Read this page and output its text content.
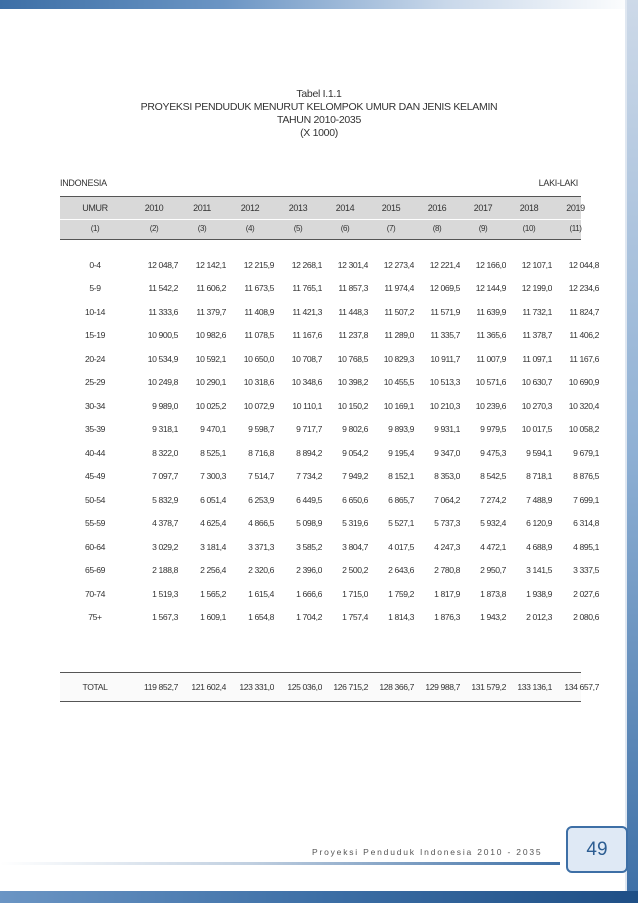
Tabel I.1.1
PROYEKSI PENDUDUK MENURUT KELOMPOK UMUR DAN JENIS KELAMIN
TAHUN 2010-2035
(X 1000)
INDONESIA	LAKI-LAKI
UMUR	2010	2011	2012	2013	2014	2015	2016	2017	2018	2019
(1)	(2)	(3)	(4)	(5)	(6)	(7)	(8)	(9)	(10)	(11)
0-4	12 048,7	12 142,1	12 215,9	12 268,1	12 301,4	12 273,4	12 221,4	12 166,0	12 107,1	12 044,8
5-9	11 542,2	11 606,2	11 673,5	11 765,1	11 857,3	11 974,4	12 069,5	12 144,9	12 199,0	12 234,6
10-14	11 333,6	11 379,7	11 408,9	11 421,3	11 448,3	11 507,2	11 571,9	11 639,9	11 732,1	11 824,7
15-19	10 900,5	10 982,6	11 078,5	11 167,6	11 237,8	11 289,0	11 335,7	11 365,6	11 378,7	11 406,2
20-24	10 534,9	10 592,1	10 650,0	10 708,7	10 768,5	10 829,3	10 911,7	11 007,9	11 097,1	11 167,6
25-29	10 249,8	10 290,1	10 318,6	10 348,6	10 398,2	10 455,5	10 513,3	10 571,6	10 630,7	10 690,9
30-34	9 989,0	10 025,2	10 072,9	10 110,1	10 150,2	10 169,1	10 210,3	10 239,6	10 270,3	10 320,4
35-39	9 318,1	9 470,1	9 598,7	9 717,7	9 802,6	9 893,9	9 931,1	9 979,5	10 017,5	10 058,2
40-44	8 322,0	8 525,1	8 716,8	8 894,2	9 054,2	9 195,4	9 347,0	9 475,3	9 594,1	9 679,1
45-49	7 097,7	7 300,3	7 514,7	7 734,2	7 949,2	8 152,1	8 353,0	8 542,5	8 718,1	8 876,5
50-54	5 832,9	6 051,4	6 253,9	6 449,5	6 650,6	6 865,7	7 064,2	7 274,2	7 488,9	7 699,1
55-59	4 378,7	4 625,4	4 866,5	5 098,9	5 319,6	5 527,1	5 737,3	5 932,4	6 120,9	6 314,8
60-64	3 029,2	3 181,4	3 371,3	3 585,2	3 804,7	4 017,5	4 247,3	4 472,1	4 688,9	4 895,1
65-69	2 188,8	2 256,4	2 320,6	2 396,0	2 500,2	2 643,6	2 780,8	2 950,7	3 141,5	3 337,5
70-74	1 519,3	1 565,2	1 615,4	1 666,6	1 715,0	1 759,2	1 817,9	1 873,8	1 938,9	2 027,6
75+	1 567,3	1 609,1	1 654,8	1 704,2	1 757,4	1 814,3	1 876,3	1 943,2	2 012,3	2 080,6
TOTAL	119 852,7	121 602,4	123 331,0	125 036,0	126 715,2	128 366,7	129 988,7	131 579,2	133 136,1	134 657,7
Proyeksi Penduduk Indonesia 2010 - 2035	49
